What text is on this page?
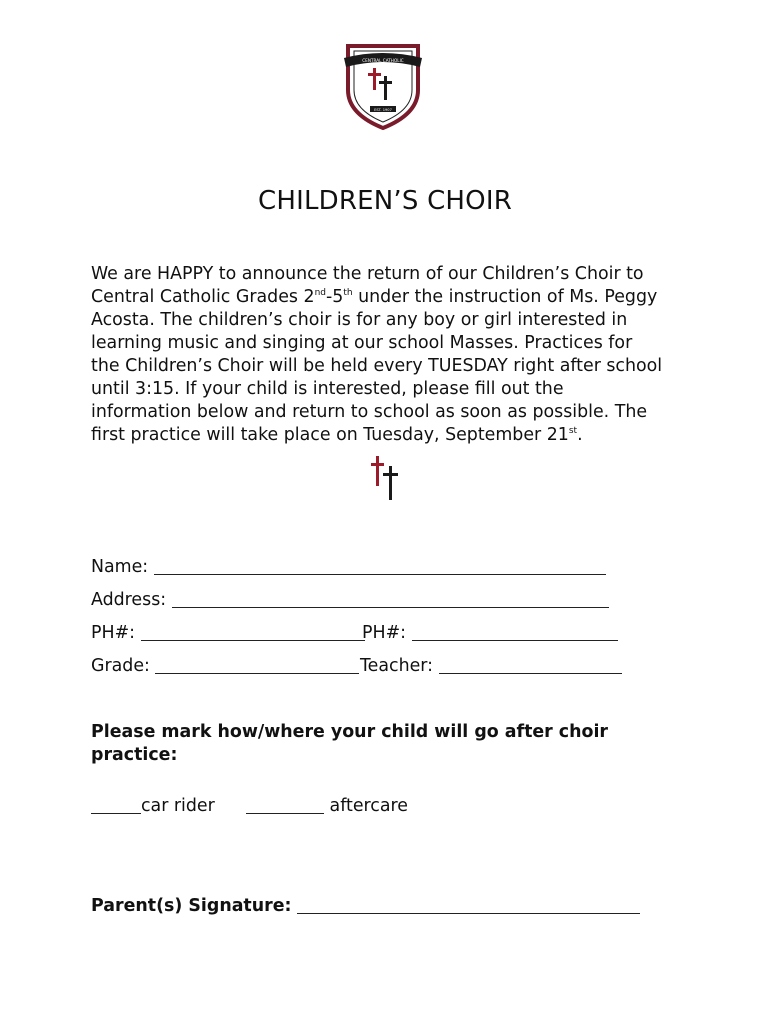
CENTRAL CATHOLIC
EST. 1907
CHILDREN’S CHOIR
We are HAPPY to announce the return of our Children’s Choir to
Central Catholic Grades 2nd-5th under the instruction of Ms. Peggy
Acosta. The children’s choir is for any boy or girl interested in
learning music and singing at our school Masses. Practices for
the Children’s Choir will be held every TUESDAY right after school
until 3:15. If your child is interested, please fill out the
information below and return to school as soon as possible. The
first practice will take place on Tuesday, September 21st.
Name:
Address:
PH#:	PH#:
Grade:	Teacher:
Please mark how/where your child will go after choir
practice:
car rider	aftercare
Parent(s) Signature:
